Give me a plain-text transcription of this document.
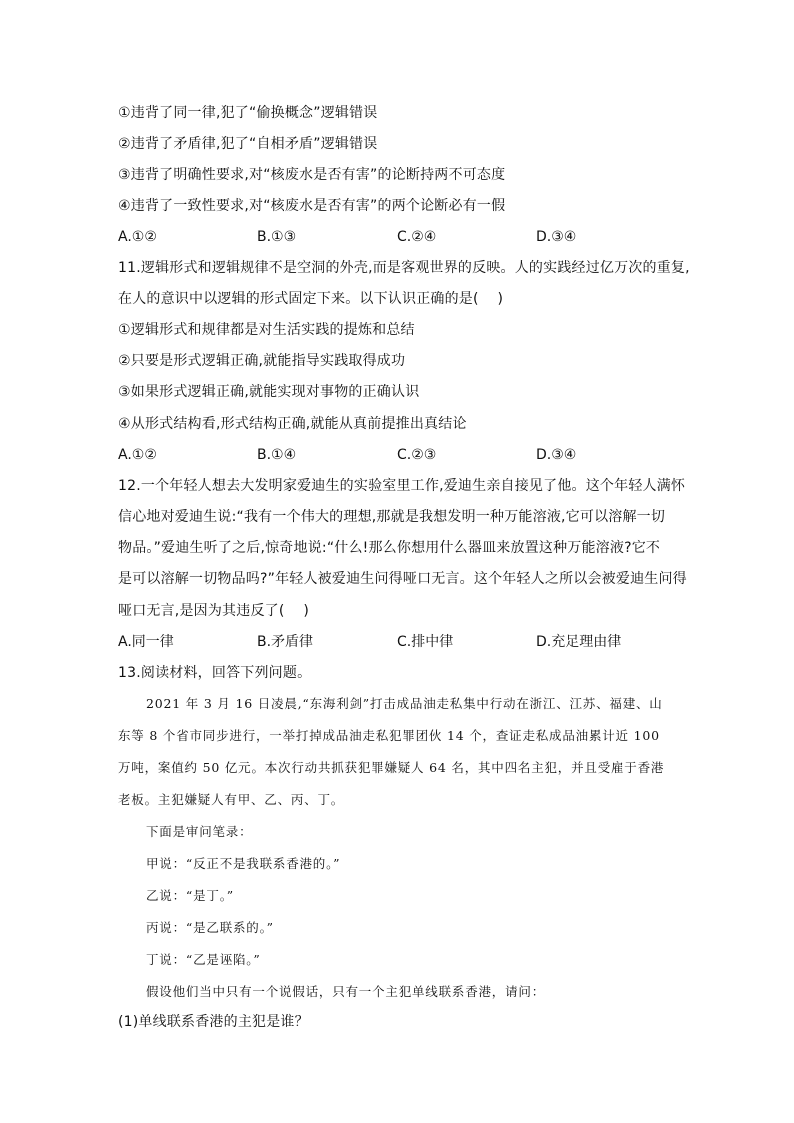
①违背了同一律,犯了“偷换概念”逻辑错误
②违背了矛盾律,犯了“自相矛盾”逻辑错误
③违背了明确性要求,对“核废水是否有害”的论断持两不可态度
④违背了一致性要求,对“核废水是否有害”的两个论断必有一假
A.①②	B.①③	C.②④	D.③④
11.逻辑形式和逻辑规律不是空洞的外壳,而是客观世界的反映。人的实践经过亿万次的重复,
在人的意识中以逻辑的形式固定下来。以下认识正确的是(　 )
①逻辑形式和规律都是对生活实践的提炼和总结
②只要是形式逻辑正确,就能指导实践取得成功
③如果形式逻辑正确,就能实现对事物的正确认识
④从形式结构看,形式结构正确,就能从真前提推出真结论
A.①②	B.①④	C.②③	D.③④
12.一个年轻人想去大发明家爱迪生的实验室里工作,爱迪生亲自接见了他。这个年轻人满怀
信心地对爱迪生说:“我有一个伟大的理想,那就是我想发明一种万能溶液,它可以溶解一切
物品。”爱迪生听了之后,惊奇地说:“什么!那么你想用什么器皿来放置这种万能溶液?它不
是可以溶解一切物品吗?”年轻人被爱迪生问得哑口无言。这个年轻人之所以会被爱迪生问得
哑口无言,是因为其违反了(　 )
A.同一律	B.矛盾律	C.排中律	D.充足理由律
13.阅读材料，回答下列问题。
2021 年 3 月 16 日凌晨,“东海利剑”打击成品油走私集中行动在浙江、江苏、福建、山
东等 8 个省市同步进行，一举打掉成品油走私犯罪团伙 14 个，查证走私成品油累计近 100
万吨，案值约 50 亿元。本次行动共抓获犯罪嫌疑人 64 名，其中四名主犯，并且受雇于香港
老板。主犯嫌疑人有甲、乙、丙、丁。
下面是审问笔录：
甲说：“反正不是我联系香港的。”
乙说：“是丁。”
丙说：“是乙联系的。”
丁说：“乙是诬陷。”
假设他们当中只有一个说假话，只有一个主犯单线联系香港，请问：
(1)单线联系香港的主犯是谁？
